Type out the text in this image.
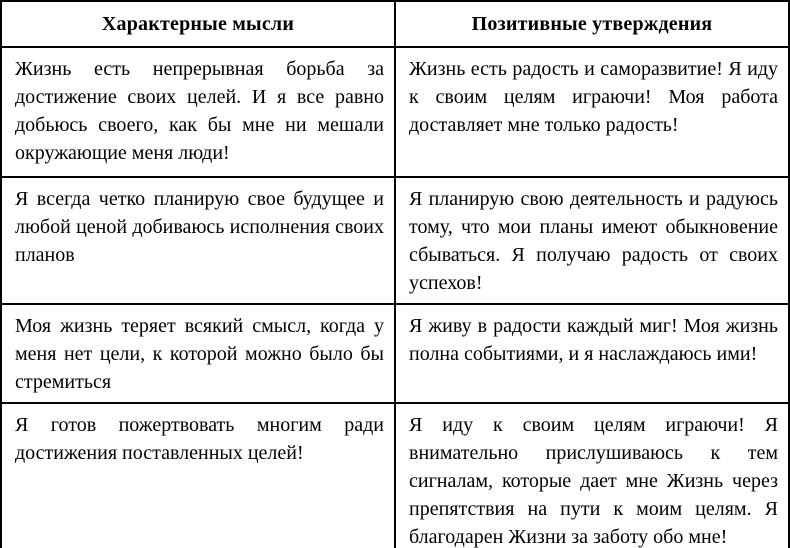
Характерные мысли	Позитивные утверждения
Жизнь есть непрерывная борьба за достижение своих целей. И я все равно добьюсь своего, как бы мне ни мешали окружающие меня люди!	Жизнь есть радость и саморазвитие! Я иду к своим целям играючи! Моя работа доставляет мне только радость!
Я всегда четко планирую свое будущее и любой ценой добиваюсь исполнения своих планов	Я планирую свою деятельность и радуюсь тому, что мои планы имеют обыкновение сбываться. Я получаю радость от своих успехов!
Моя жизнь теряет всякий смысл, когда у меня нет цели, к которой можно было бы стремиться	Я живу в радости каждый миг! Моя жизнь полна событиями, и я наслаждаюсь ими!
Я готов пожертвовать многим ради достижения поставленных целей!	Я иду к своим целям играючи! Я внимательно прислушиваюсь к тем сигналам, которые дает мне Жизнь через препятствия на пути к моим целям. Я благодарен Жизни за заботу обо мне!
